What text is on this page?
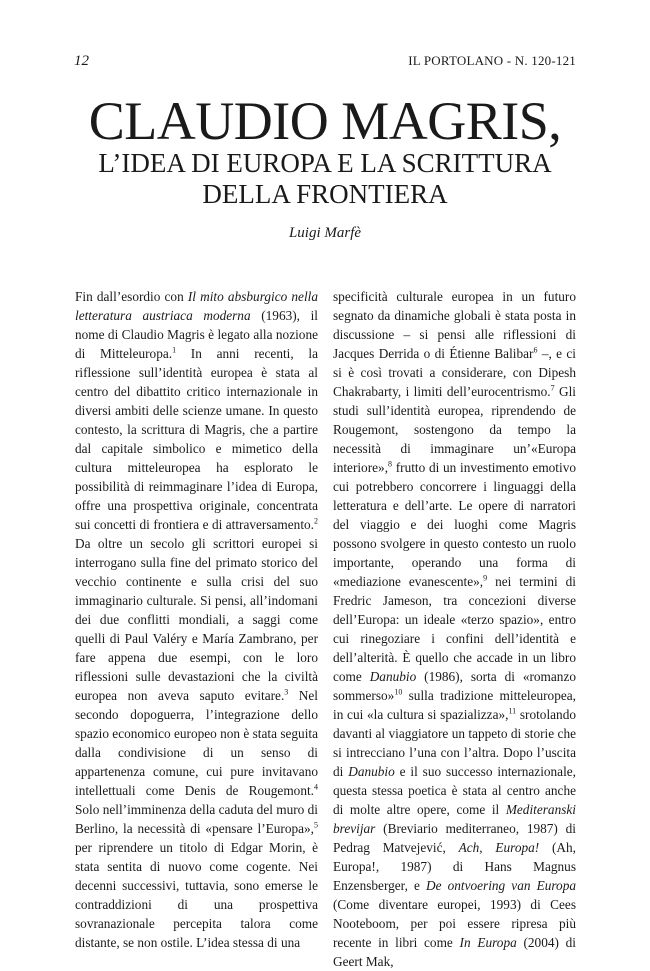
12	IL PORTOLANO - N. 120-121
CLAUDIO MAGRIS,
L’IDEA DI EUROPA E LA SCRITTURA
DELLA FRONTIERA
Luigi Marfè

Fin dall’esordio con Il mito absburgico nella letteratura austriaca moderna (1963), il nome di Claudio Magris è legato alla nozione di Mitteleuropa.$^1$ In anni recenti, la riflessione sull’identità europea è stata al centro del dibattito critico internazionale in diversi ambiti delle scienze umane. In questo contesto, la scrittura di Magris, che a partire dal capitale simbolico e mimetico della cultura mitteleuropea ha esplorato le possibilità di reimmaginare l’idea di Europa, offre una prospettiva originale, concentrata sui concetti di frontiera e di attraversamento.$^2$ Da oltre un secolo gli scrittori europei si interrogano sulla fine del primato storico del vecchio continente e sulla crisi del suo immaginario culturale. Si pensi, all’indomani dei due conflitti mondiali, a saggi come quelli di Paul Valéry e María Zambrano, per fare appena due esempi, con le loro riflessioni sulle devastazioni che la civiltà europea non aveva saputo evitare.$^3$ Nel secondo dopoguerra, l’integrazione dello spazio economico europeo non è stata seguita dalla condivisione di un senso di appartenenza comune, cui pure invitavano intellettuali come Denis de Rougemont.$^4$ Solo nell’imminenza della caduta del muro di Berlino, la necessità di «pensare l’Europa»,$^5$ per riprendere un titolo di Edgar Morin, è stata sentita di nuovo come cogente. Nei decenni successivi, tuttavia, sono emerse le contraddizioni di una prospettiva sovranazionale percepita talora come distante, se non ostile. L’idea stessa di una

specificità culturale europea in un futuro segnato da dinamiche globali è stata posta in discussione – si pensi alle riflessioni di Jacques Derrida o di Étienne Balibar$^6$ –, e ci si è così trovati a considerare, con Dipesh Chakrabarty, i limiti dell’eurocentrismo.$^7$ Gli studi sull’identità europea, riprendendo de Rougemont, sostengono da tempo la necessità di immaginare un’«Europa interiore»,$^8$ frutto di un investimento emotivo cui potrebbero concorrere i linguaggi della letteratura e dell’arte. Le opere di narratori del viaggio e dei luoghi come Magris possono svolgere in questo contesto un ruolo importante, operando una forma di «mediazione evanescente»,$^9$ nei termini di Fredric Jameson, tra concezioni diverse dell’Europa: un ideale «terzo spazio», entro cui rinegoziare i confini dell’identità e dell’alterità. È quello che accade in un libro come Danubio (1986), sorta di «romanzo sommerso»$^{10}$ sulla tradizione mitteleuropea, in cui «la cultura si spazializza»,$^{11}$ srotolando davanti al viaggiatore un tappeto di storie che si intrecciano l’una con l’altra. Dopo l’uscita di Danubio e il suo successo internazionale, questa stessa poetica è stata al centro anche di molte altre opere, come il Mediteranski brevijar (Breviario mediterraneo, 1987) di Pedrag Matvejević, Ach, Europa! (Ah, Europa!, 1987) di Hans Magnus Enzensberger, e De ontvoering van Europa (Come diventare europei, 1993) di Cees Nooteboom, per poi essere ripresa più recente in libri come In Europa (2004) di Geert Mak,
